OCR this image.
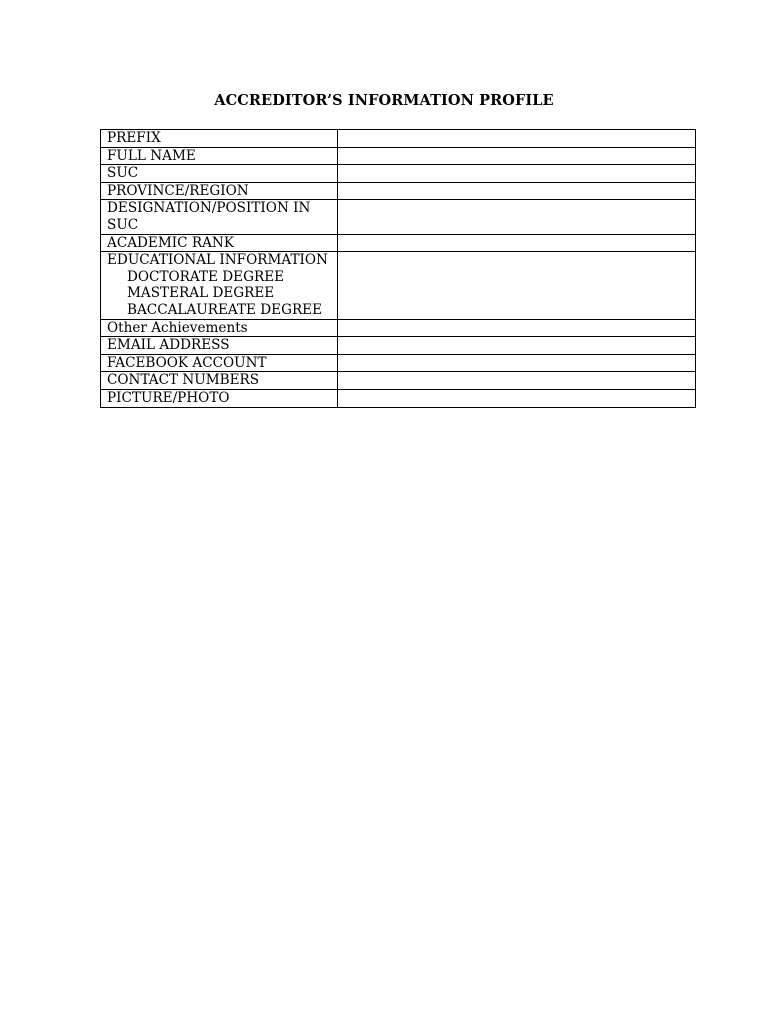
ACCREDITOR’S INFORMATION PROFILE
PREFIX	
FULL NAME	
SUC	
PROVINCE/REGION	
DESIGNATION/POSITION IN SUC	
ACADEMIC RANK	

EDUCATIONAL INFORMATION
DOCTORATE DEGREE
MASTERAL DEGREE
BACCALAUREATE DEGREE	

Other Achievements	
EMAIL ADDRESS	
FACEBOOK ACCOUNT	
CONTACT NUMBERS	
PICTURE/PHOTO	
